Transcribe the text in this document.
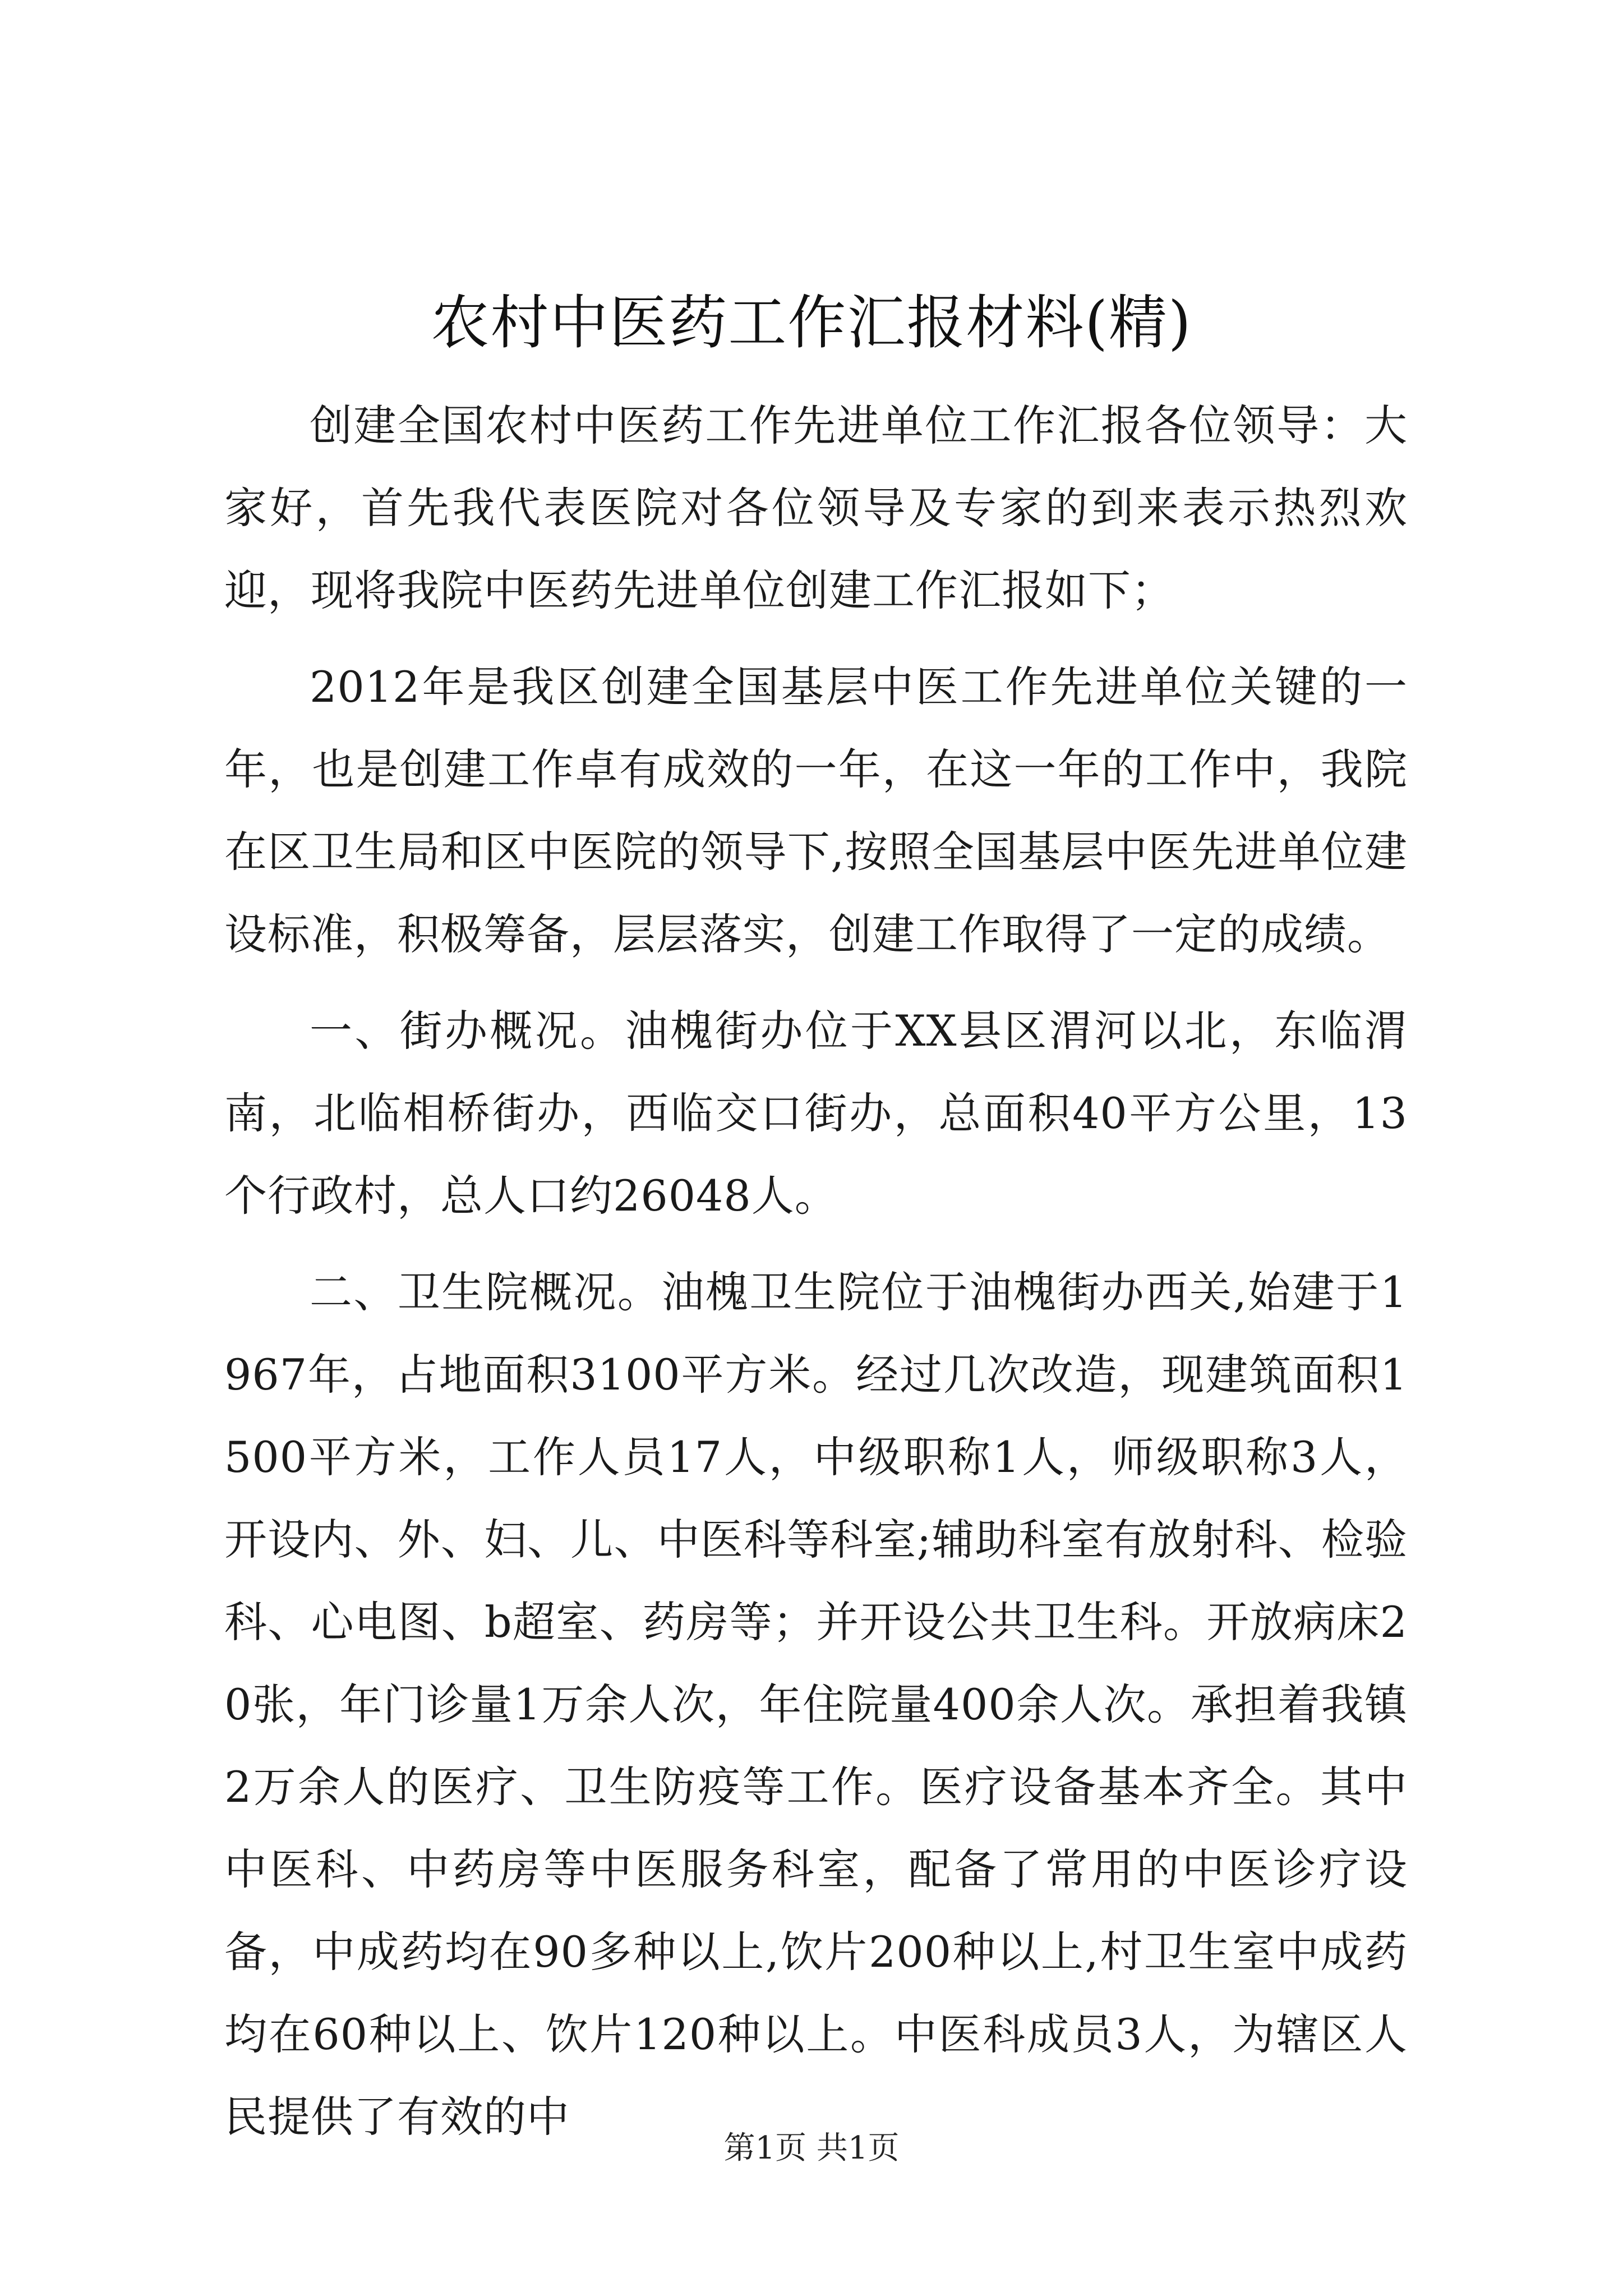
农村中医药工作汇报材料(精)

创建全国农村中医药工作先进单位工作汇报各位领导：大家好，首先我代表医院对各位领导及专家的到来表示热烈欢迎，现将我院中医药先进单位创建工作汇报如下；

2012年是我区创建全国基层中医工作先进单位关键的一年，也是创建工作卓有成效的一年，在这一年的工作中，我院在区卫生局和区中医院的领导下,按照全国基层中医先进单位建设标准，积极筹备，层层落实，创建工作取得了一定的成绩。

一、街办概况。油槐街办位于XX县区渭河以北，东临渭南，北临相桥街办，西临交口街办，总面积40平方公里，13个行政村，总人口约26048人。

二、卫生院概况。油槐卫生院位于油槐街办西关,始建于1967年，占地面积3100平方米。经过几次改造，现建筑面积1500平方米，工作人员17人，中级职称1人，师级职称3人，开设内、外、妇、儿、中医科等科室;辅助科室有放射科、检验科、心电图、b超室、药房等；并开设公共卫生科。开放病床20张，年门诊量1万余人次，年住院量400余人次。承担着我镇2万余人的医疗、卫生防疫等工作。医疗设备基本齐全。其中中医科、中药房等中医服务科室，配备了常用的中医诊疗设备，中成药均在90多种以上,饮片200种以上,村卫生室中成药均在60种以上、饮片120种以上。中医科成员3人，为辖区人民提供了有效的中

第1页 共1页
